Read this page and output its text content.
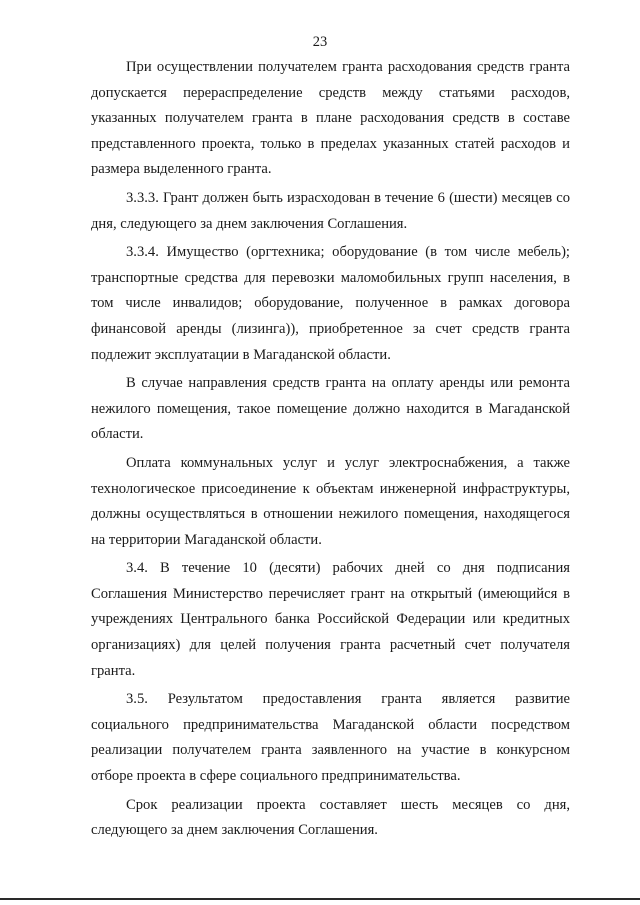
23

При осуществлении получателем гранта расходования средств гранта допускается перераспределение средств между статьями расходов, указанных получателем гранта в плане расходования средств в составе представленного проекта, только в пределах указанных статей расходов и размера выделенного гранта.

3.3.3. Грант должен быть израсходован в течение 6 (шести) месяцев со дня, следующего за днем заключения Соглашения.

3.3.4. Имущество (оргтехника; оборудование (в том числе мебель); транспортные средства для перевозки маломобильных групп населения, в том числе инвалидов; оборудование, полученное в рамках договора финансовой аренды (лизинга)), приобретенное за счет средств гранта подлежит эксплуатации в Магаданской области.

В случае направления средств гранта на оплату аренды или ремонта нежилого помещения, такое помещение должно находится в Магаданской области.

Оплата коммунальных услуг и услуг электроснабжения, а также технологическое присоединение к объектам инженерной инфраструктуры, должны осуществляться в отношении нежилого помещения, находящегося на территории Магаданской области.

3.4. В течение 10 (десяти) рабочих дней со дня подписания Соглашения Министерство перечисляет грант на открытый (имеющийся в учреждениях Центрального банка Российской Федерации или кредитных организациях) для целей получения гранта расчетный счет получателя гранта.

3.5. Результатом предоставления гранта является развитие социального предпринимательства Магаданской области посредством реализации получателем гранта заявленного на участие в конкурсном отборе проекта в сфере социального предпринимательства.

Срок реализации проекта составляет шесть месяцев со дня, следующего за днем заключения Соглашения.
